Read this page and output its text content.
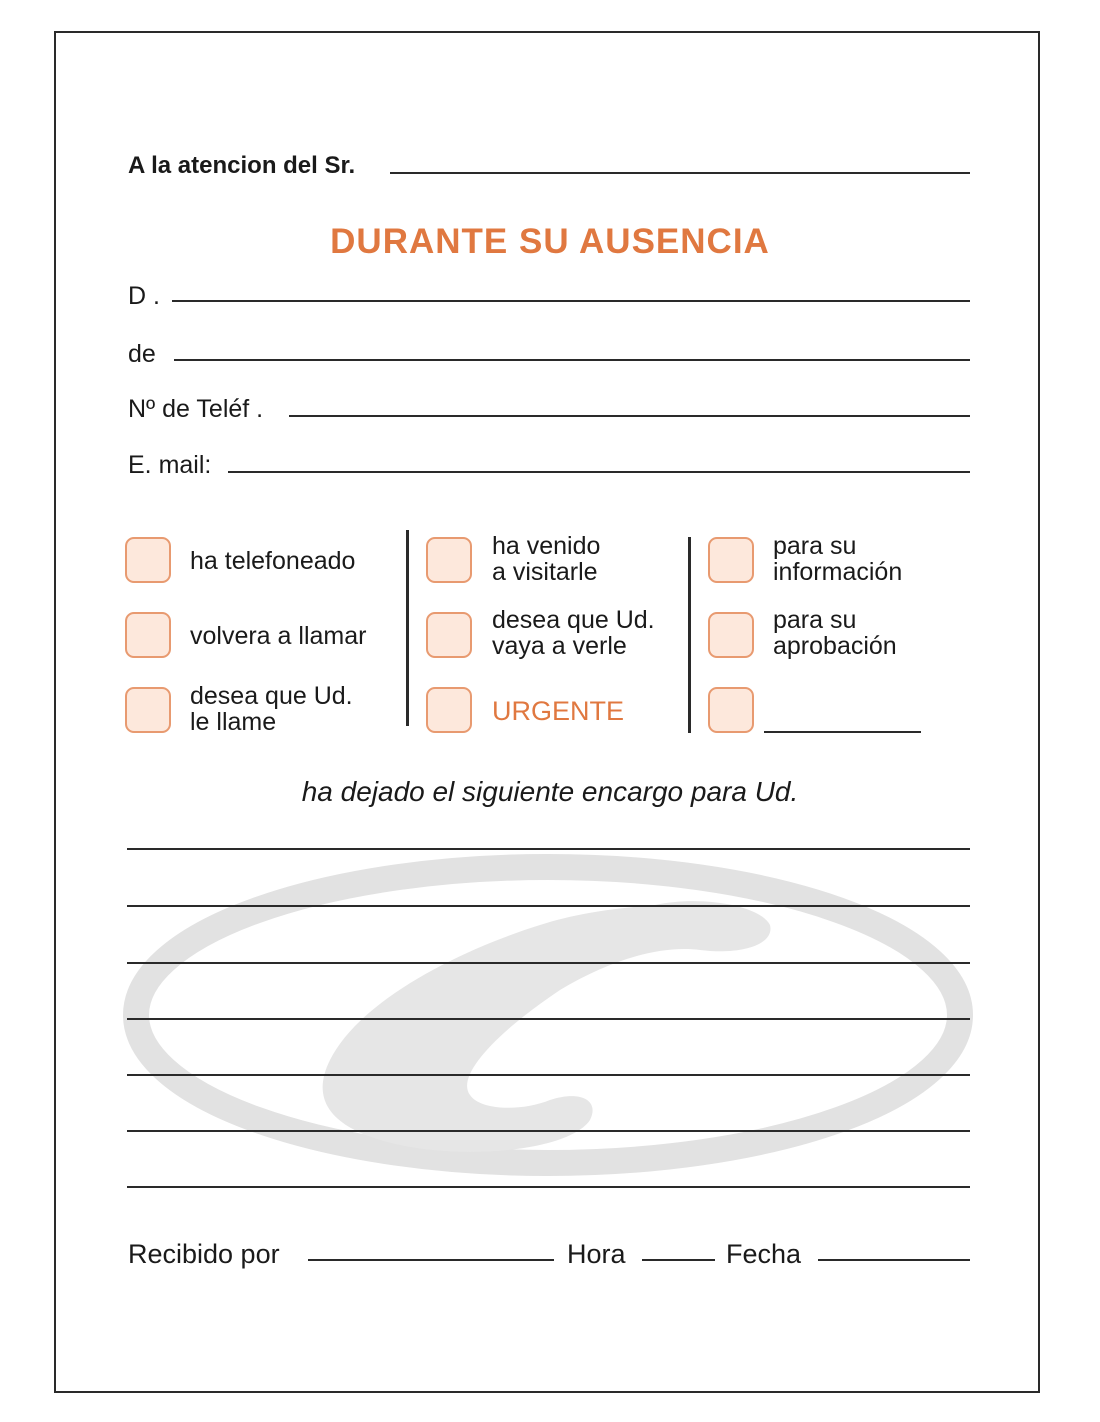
A la atencion del Sr.
DURANTE SU AUSENCIA
D .
de
Nº de Teléf .
E. mail:
ha telefoneado
volvera a llamar
desea que Ud.
le llame
ha venido
a visitarle
desea que Ud.
vaya a verle
URGENTE
para su
información
para su
aprobación
ha dejado el siguiente encargo para Ud.
Recibido por	Hora	Fecha
